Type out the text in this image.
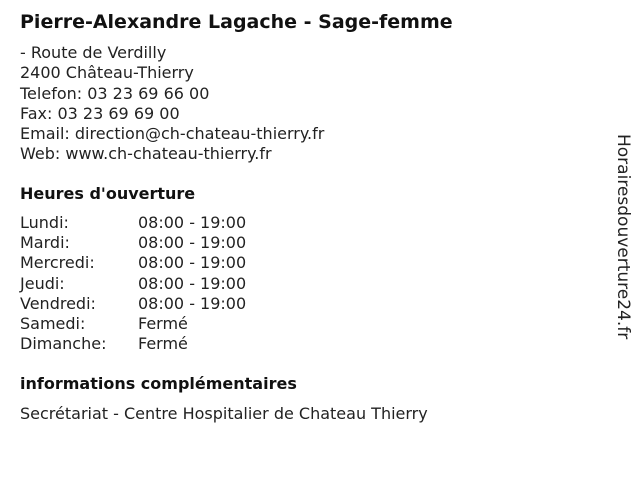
Pierre-Alexandre Lagache - Sage-femme
- Route de Verdilly
2400 Château-Thierry
Telefon: 03 23 69 66 00
Fax: 03 23 69 69 00
Email: direction@ch-chateau-thierry.fr
Web: www.ch-chateau-thierry.fr
Heures d'ouverture
Lundi:	08:00 - 19:00
Mardi:	08:00 - 19:00
Mercredi:	08:00 - 19:00
Jeudi:	08:00 - 19:00
Vendredi:	08:00 - 19:00
Samedi:	Fermé
Dimanche: Fermé
informations complémentaires
Secrétariat - Centre Hospitalier de Chateau Thierry
Horairesdouverture24.fr
